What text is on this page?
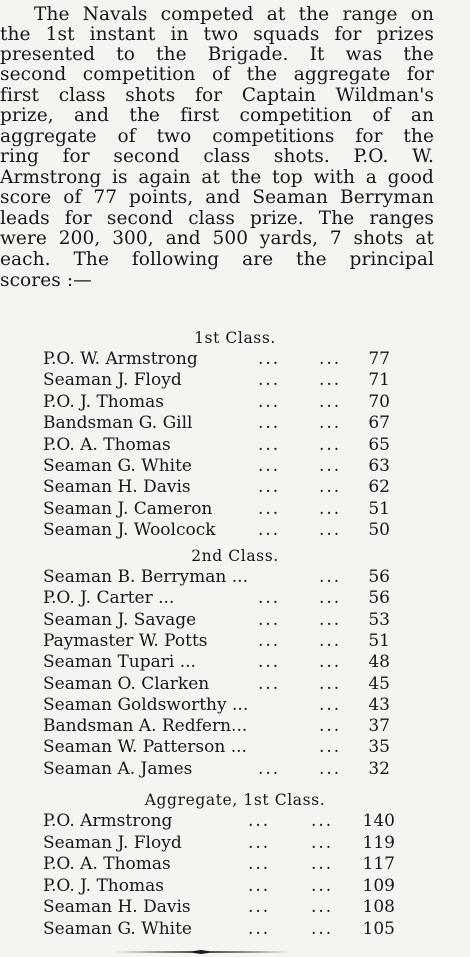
The Navals competed at the range on
the 1st instant in two squads for prizes
presented to the Brigade. It was the
second competition of the aggregate for
first class shots for Captain Wildman's
prize, and the first competition of an
aggregate of two competitions for the
ring for second class shots. P.O. W.
Armstrong is again at the top with a good
score of 77 points, and Seaman Berryman
leads for second class prize. The ranges
were 200, 300, and 500 yards, 7 shots at
each. The following are the principal
scores :—
1st Class.
P.O. W. Armstrong	... ...	77
Seaman J. Floyd	... ...	71
P.O. J. Thomas	... ...	70
Bandsman G. Gill	... ...	67
P.O. A. Thomas	... ...	65
Seaman G. White	... ...	63
Seaman H. Davis	... ...	62
Seaman J. Cameron	... ...	51
Seaman J. Woolcock ... ...	50
2nd Class.
Seaman B. Berryman ...	...	56
P.O. J. Carter ...	... ...	56
Seaman J. Savage	... ...	53
Paymaster W. Potts	... ...	51
Seaman Tupari ...	... ...	48
Seaman O. Clarken	... ...	45
Seaman Goldsworthy ...	...	43
Bandsman A. Redfern...	...	37
Seaman W. Patterson ...	...	35
Seaman A. James	... ...	32
Aggregate, 1st Class.
P.O. Armstrong	... ...	140
Seaman J. Floyd	... ...	119
P.O. A. Thomas	... ...	117
P.O. J. Thomas	... ...	109
Seaman H. Davis	... ...	108
Seaman G. White	... ...	105
